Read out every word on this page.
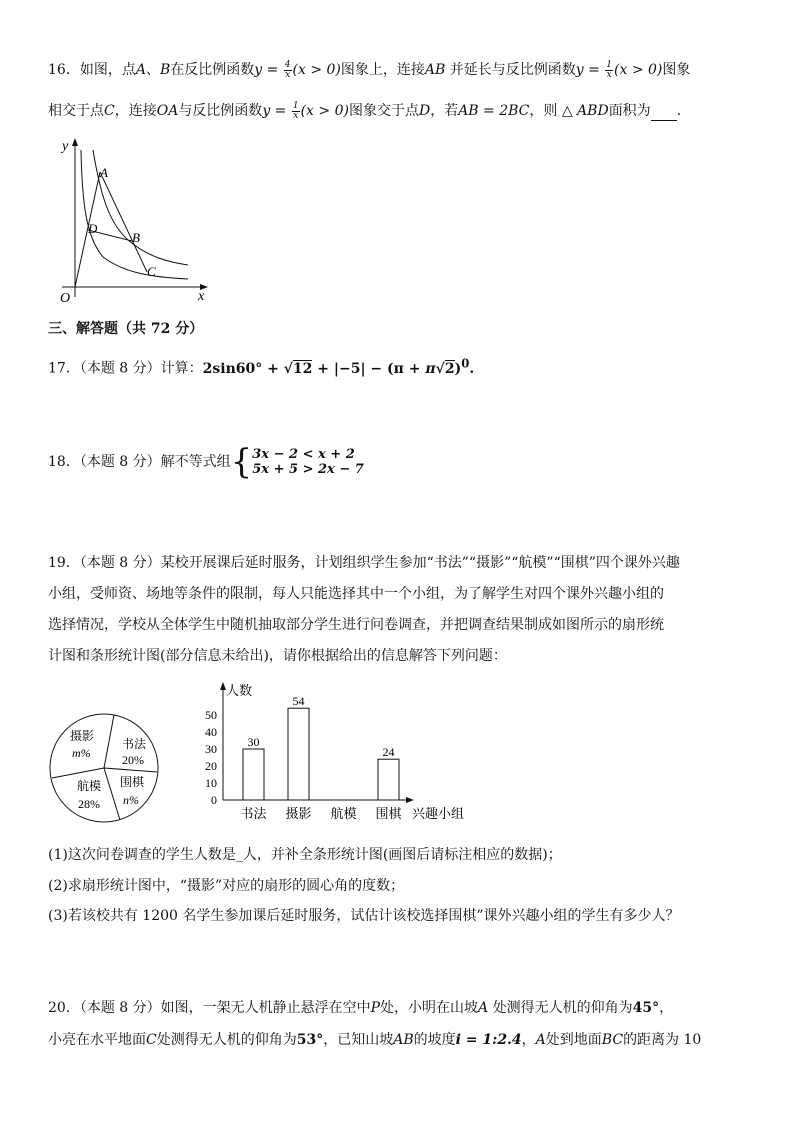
16．如图，点A、B在反比例函数$y = \frac{4}{x} (x > 0)$图象上，连接AB 并延长与反比例函数$y = \frac{1}{x} (x > 0)$图象
相交于点C，连接OA与反比例函数$y = \frac{1}{x} (x > 0)$图象交于点D，若AB = 2BC，则 △ ABD面积为 ．
y
x
O
A
B
C
D
三、解答题（共 72 分）
17．（本题 8 分）计算：$2\sin 60^\circ + √12 + |-5| - (\pi + \pi√2)^0$.
18．（本题 8 分）解不等式组{ 3x − 2 < x + 2
5x + 5 > 2x − 7
19．（本题 8 分）某校开展课后延时服务，计划组织学生参加“书法”“摄影”“航模”“围棋”四个课外兴趣
小组，受师资、场地等条件的限制，每人只能选择其中一个小组，为了解学生对四个课外兴趣小组的
选择情况，学校从全体学生中随机抽取部分学生进行问卷调查，并把调查结果制成如图所示的扇形统
计图和条形统计图(部分信息未给出)，请你根据给出的信息解答下列问题：
摄影
m%
书法
20%
围棋
n%
航模
28%
人数
兴趣小组
0
10
20
30
40
50
书法
30
摄影
54
航模 围棋
24
(1)这次问卷调查的学生人数是_人，并补全条形统计图(画图后请标注相应的数据)；
(2)求扇形统计图中，“摄影”对应的扇形的圆心角的度数；
(3)若该校共有 1200 名学生参加课后延时服务，试估计该校选择围棋”课外兴趣小组的学生有多少人？
20．（本题 8 分）如图，一架无人机静止悬浮在空中P处，小明在山坡A 处测得无人机的仰角为45°，
小亮在水平地面C处测得无人机的仰角为53°，已知山坡AB的坡度i = 1:2.4，A处到地面BC的距离为 10
